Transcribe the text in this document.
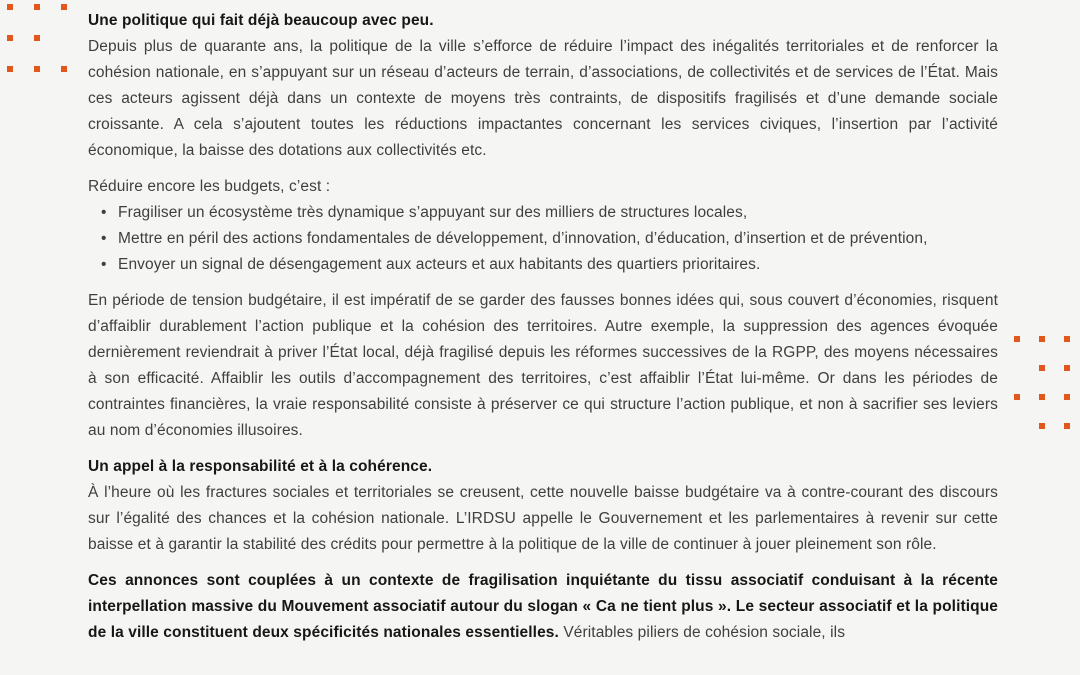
Une politique qui fait déjà beaucoup avec peu.

Depuis plus de quarante ans, la politique de la ville s’efforce de réduire l’impact des inégalités territoriales et de renforcer la cohésion nationale, en s’appuyant sur un réseau d’acteurs de terrain, d’associations, de collectivités et de services de l’État. Mais ces acteurs agissent déjà dans un contexte de moyens très contraints, de dispositifs fragilisés et d’une demande sociale croissante. A cela s’ajoutent toutes les réductions impactantes concernant les services civiques, l’insertion par l’activité économique, la baisse des dotations aux collectivités etc.

Réduire encore les budgets, c’est :

• Fragiliser un écosystème très dynamique s’appuyant sur des milliers de structures locales,
• Mettre en péril des actions fondamentales de développement, d’innovation, d’éducation, d’insertion et de prévention,
• Envoyer un signal de désengagement aux acteurs et aux habitants des quartiers prioritaires.

En période de tension budgétaire, il est impératif de se garder des fausses bonnes idées qui, sous couvert d’économies, risquent d’affaiblir durablement l’action publique et la cohésion des territoires. Autre exemple, la suppression des agences évoquée dernièrement reviendrait à priver l’État local, déjà fragilisé depuis les réformes successives de la RGPP, des moyens nécessaires à son efficacité. Affaiblir les outils d’accompagnement des territoires, c’est affaiblir l’État lui-même. Or dans les périodes de contraintes financières, la vraie responsabilité consiste à préserver ce qui structure l’action publique, et non à sacrifier ses leviers au nom d’économies illusoires.

Un appel à la responsabilité et à la cohérence.

À l’heure où les fractures sociales et territoriales se creusent, cette nouvelle baisse budgétaire va à contre-courant des discours sur l’égalité des chances et la cohésion nationale. L’IRDSU appelle le Gouvernement et les parlementaires à revenir sur cette baisse et à garantir la stabilité des crédits pour permettre à la politique de la ville de continuer à jouer pleinement son rôle.

Ces annonces sont couplées à un contexte de fragilisation inquiétante du tissu associatif conduisant à la récente interpellation massive du Mouvement associatif autour du slogan « Ca ne tient plus ». Le secteur associatif et la politique de la ville constituent deux spécificités nationales essentielles. Véritables piliers de cohésion sociale, ils
